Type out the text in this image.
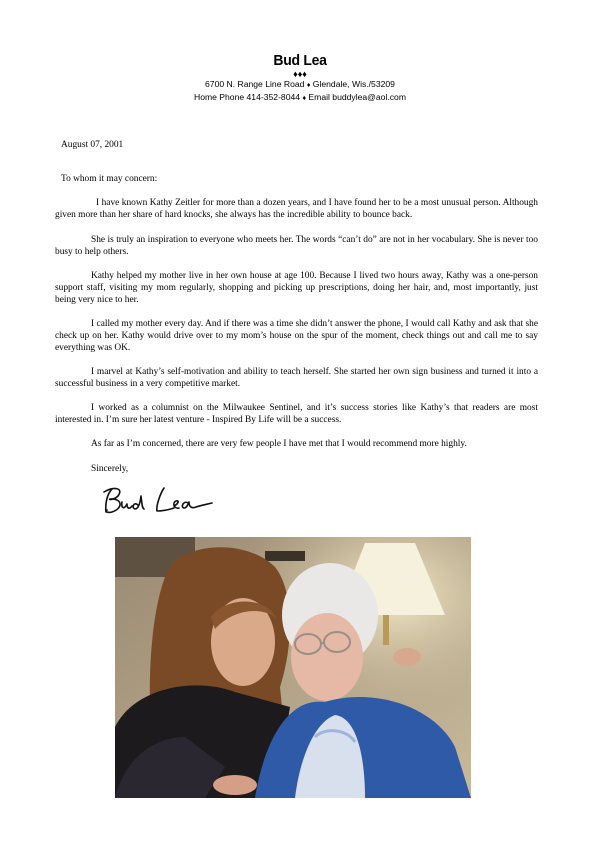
Bud Lea
♦♦♦
6700 N. Range Line Road ♦ Glendale, Wis./53209
Home Phone 414-352-8044 ♦ Email buddylea@aol.com
August 07, 2001
To whom it may concern:
I have known Kathy Zeitler for more than a dozen years, and I have found her to be a most unusual person. Although given more than her share of hard knocks, she always has the incredible ability to bounce back.
She is truly an inspiration to everyone who meets her. The words “can’t do” are not in her vocabulary. She is never too busy to help others.
Kathy helped my mother live in her own house at age 100. Because I lived two hours away, Kathy was a one-person support staff, visiting my mom regularly, shopping and picking up prescriptions, doing her hair, and, most importantly, just being very nice to her.
I called my mother every day. And if there was a time she didn’t answer the phone, I would call Kathy and ask that she check up on her. Kathy would drive over to my mom’s house on the spur of the moment, check things out and call me to say everything was OK.
I marvel at Kathy’s self-motivation and ability to teach herself. She started her own sign business and turned it into a successful business in a very competitive market.
I worked as a columnist on the Milwaukee Sentinel, and it’s success stories like Kathy’s that readers are most interested in. I’m sure her latest venture - Inspired By Life will be a success.
As far as I’m concerned, there are very few people I have met that I would recommend more highly.
Sincerely,
